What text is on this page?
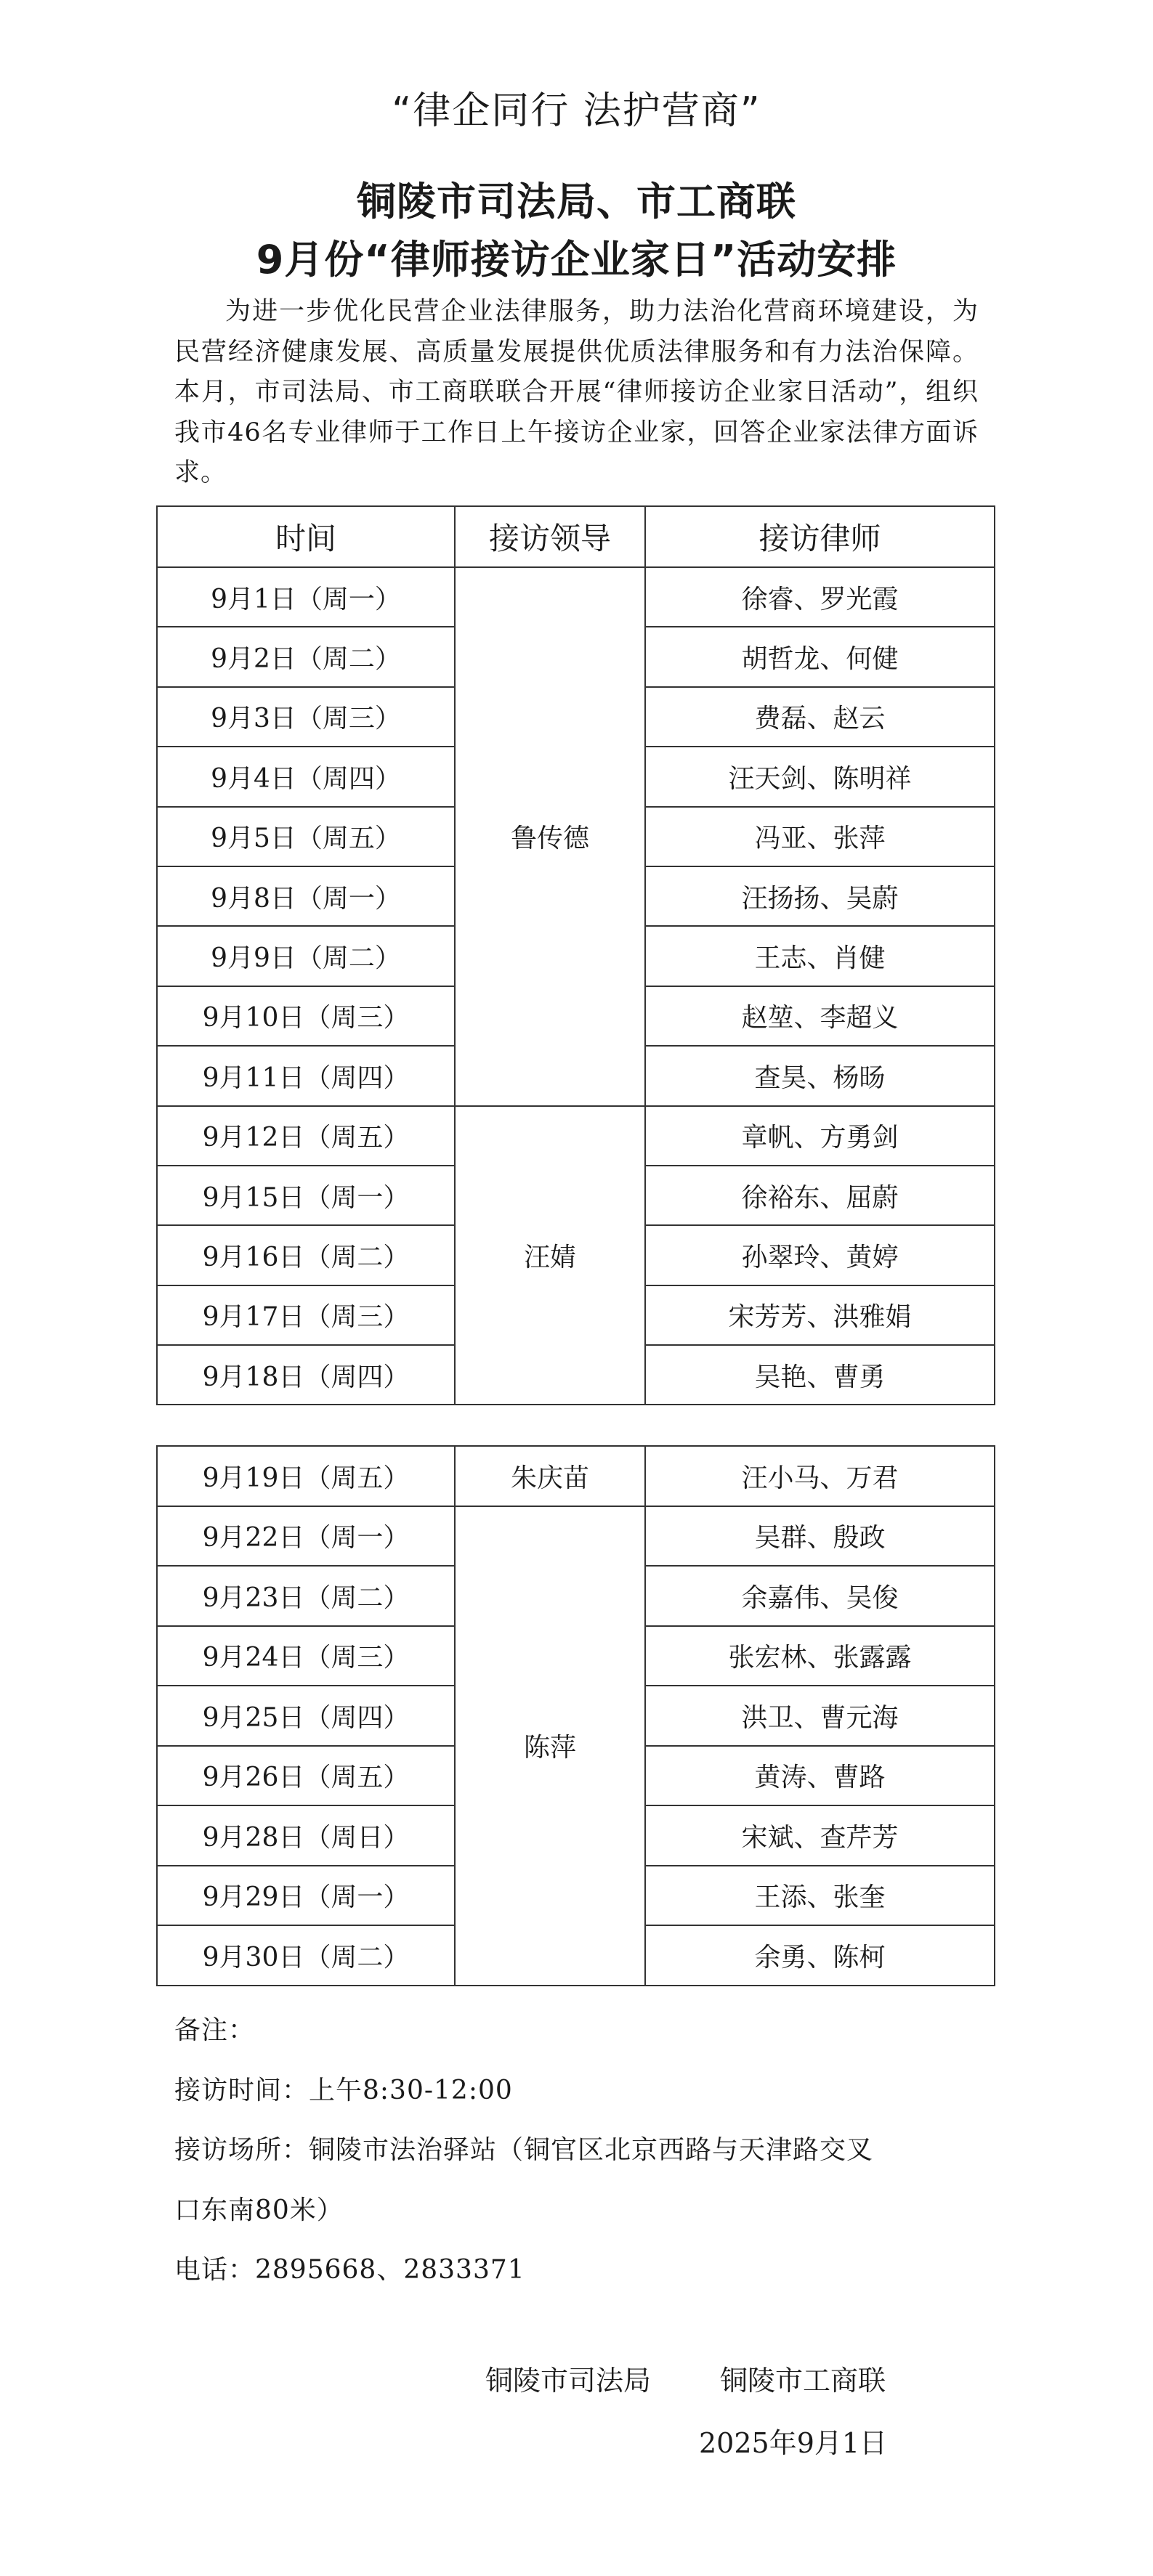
“律企同行 法护营商”
铜陵市司法局、市工商联
9月份“律师接访企业家日”活动安排
为进一步优化民营企业法律服务，助力法治化营商环境建设，为民营经济健康发展、高质量发展提供优质法律服务和有力法治保障。本月，市司法局、市工商联联合开展“律师接访企业家日活动”，组织我市46名专业律师于工作日上午接访企业家，回答企业家法律方面诉求。
时间	接访领导	接访律师
9月1日（周一）	鲁传德	徐睿、罗光霞
9月2日（周二）		胡哲龙、何健
9月3日（周三）		费磊、赵云
9月4日（周四）		汪天剑、陈明祥
9月5日（周五）		冯亚、张萍
9月8日（周一）		汪扬扬、吴蔚
9月9日（周二）		王志、肖健
9月10日（周三）		赵堃、李超义
9月11日（周四）		查昊、杨旸
9月12日（周五）	汪婧	章帆、方勇剑
9月15日（周一）		徐裕东、屈蔚
9月16日（周二）		孙翠玲、黄婷
9月17日（周三）		宋芳芳、洪雅娟
9月18日（周四）		吴艳、曹勇
9月19日（周五）	朱庆苗	汪小马、万君
9月22日（周一）	陈萍	吴群、殷政
9月23日（周二）		余嘉伟、吴俊
9月24日（周三）		张宏林、张露露
9月25日（周四）		洪卫、曹元海
9月26日（周五）		黄涛、曹路
9月28日（周日）		宋斌、查芹芳
9月29日（周一）		王添、张奎
9月30日（周二）		余勇、陈柯
备注：
接访时间：上午8:30-12:00
接访场所：铜陵市法治驿站（铜官区北京西路与天津路交叉
口东南80米）
电话：2895668、2833371
铜陵市司法局	铜陵市工商联
2025年9月1日
